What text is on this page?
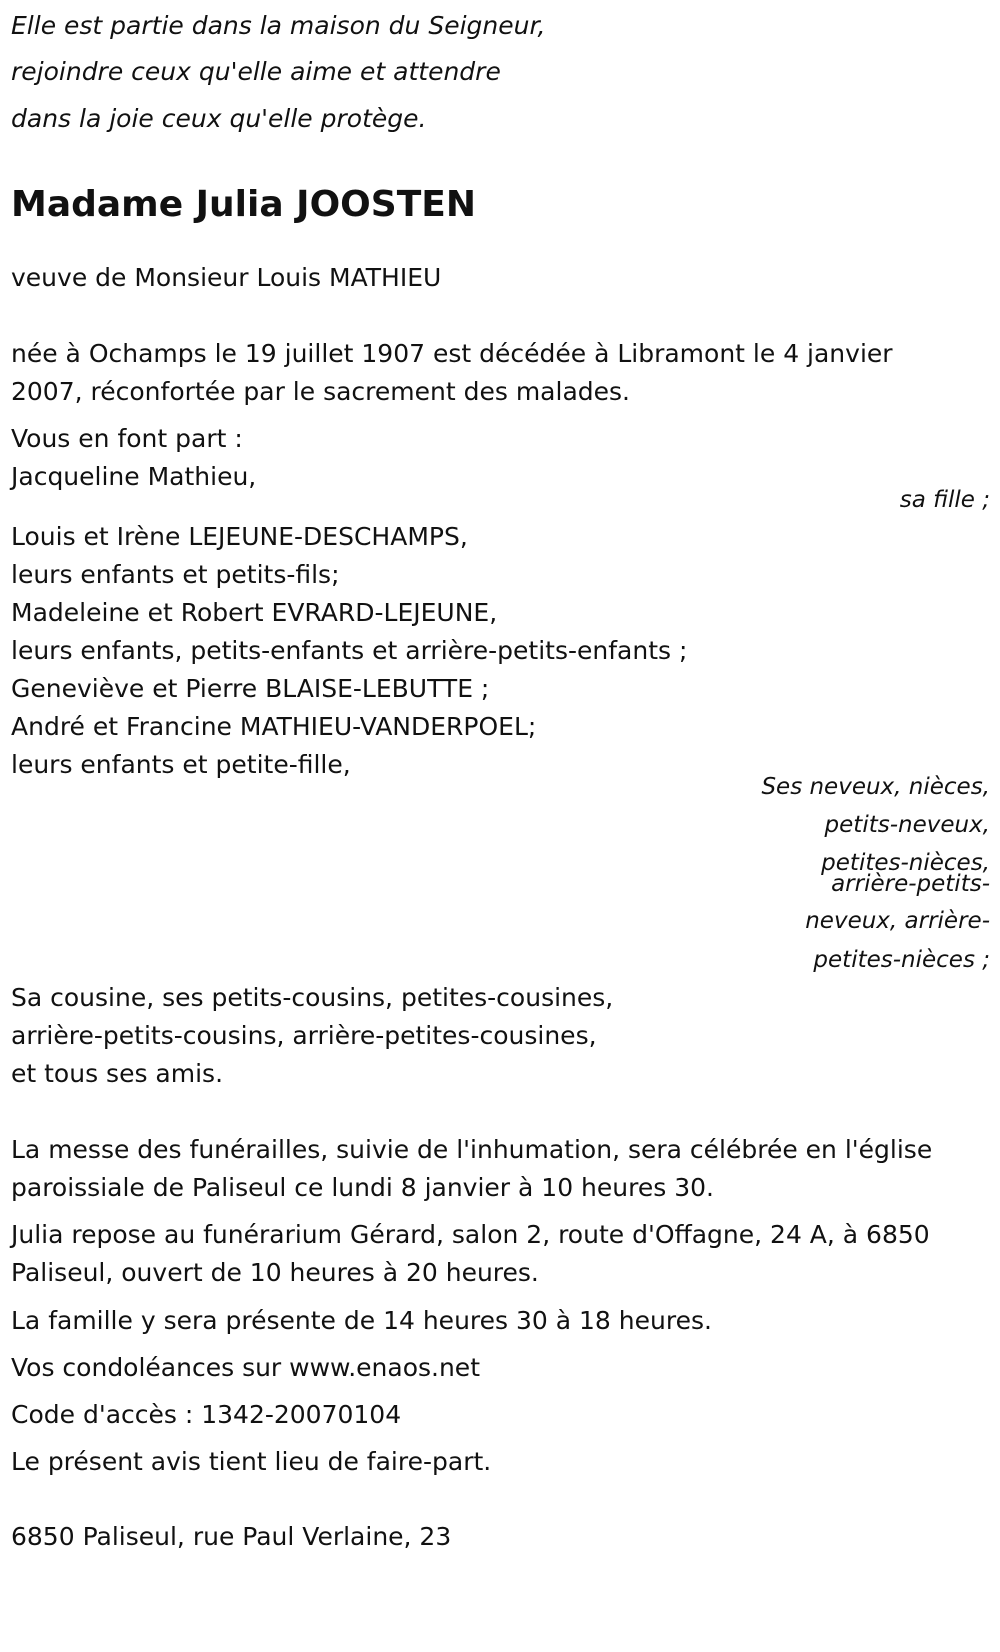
Elle est partie dans la maison du Seigneur,
rejoindre ceux qu'elle aime et attendre
dans la joie ceux qu'elle protège.
Madame Julia JOOSTEN
veuve de Monsieur Louis MATHIEU
née à Ochamps le 19 juillet 1907 est décédée à Libramont le 4 janvier
2007, réconfortée par le sacrement des malades.
Vous en font part :
Jacqueline Mathieu,
sa fille ;
Louis et Irène LEJEUNE-DESCHAMPS,
leurs enfants et petits-fils;
Madeleine et Robert EVRARD-LEJEUNE,
leurs enfants, petits-enfants et arrière-petits-enfants ;
Geneviève et Pierre BLAISE-LEBUTTE ;
André et Francine MATHIEU-VANDERPOEL;
leurs enfants et petite-fille,
Ses neveux, nièces,
petits-neveux,
petites-nièces,
arrière-petits-
neveux, arrière-
petites-nièces ;
Sa cousine, ses petits-cousins, petites-cousines,
arrière-petits-cousins, arrière-petites-cousines,
et tous ses amis.
La messe des funérailles, suivie de l'inhumation, sera célébrée en l'église
paroissiale de Paliseul ce lundi 8 janvier à 10 heures 30.
Julia repose au funérarium Gérard, salon 2, route d'Offagne, 24 A, à 6850
Paliseul, ouvert de 10 heures à 20 heures.
La famille y sera présente de 14 heures 30 à 18 heures.
Vos condoléances sur www.enaos.net
Code d'accès : 1342-20070104
Le présent avis tient lieu de faire-part.
6850 Paliseul, rue Paul Verlaine, 23
